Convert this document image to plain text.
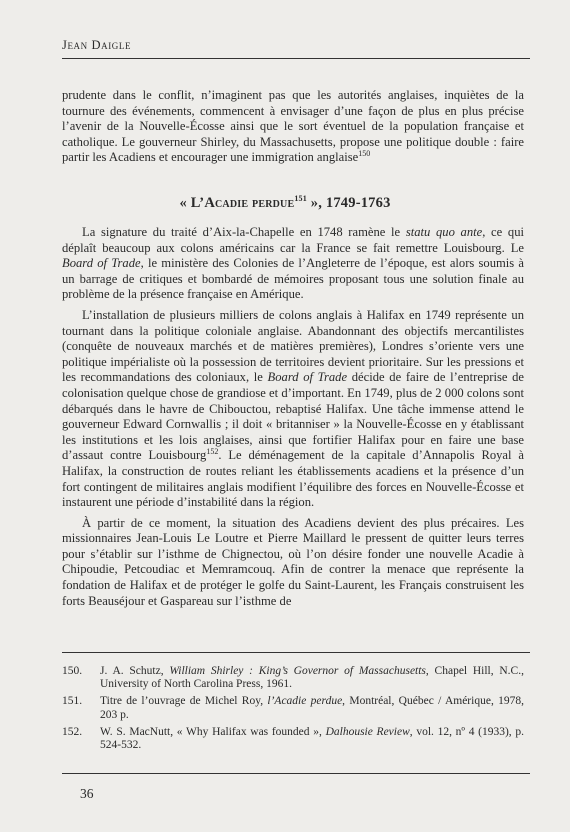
Jean Daigle

prudente dans le conflit, n’imaginent pas que les autorités anglaises, inquiètes de la tournure des événements, commencent à envisager d’une façon de plus en plus précise l’avenir de la Nouvelle-Écosse ainsi que le sort éventuel de la population française et catholique. Le gouverneur Shirley, du Massachusetts, propose une politique double : faire partir les Acadiens et encourager une immigration anglaise$^{150}$

« L’Acadie perdue$^{151}$ », 1749-1763

La signature du traité d’Aix-la-Chapelle en 1748 ramène le statu quo ante, ce qui déplaît beaucoup aux colons américains car la France se fait remettre Louisbourg. Le Board of Trade, le ministère des Colonies de l’Angleterre de l’époque, est alors soumis à un barrage de critiques et bombardé de mémoires proposant tous une solution finale au problème de la présence française en Amérique.

L’installation de plusieurs milliers de colons anglais à Halifax en 1749 représente un tournant dans la politique coloniale anglaise. Abandonnant des objectifs mercantilistes (conquête de nouveaux marchés et de matières premières), Londres s’oriente vers une politique impérialiste où la possession de territoires devient prioritaire. Sur les pressions et les recommandations des coloniaux, le Board of Trade décide de faire de l’entreprise de colonisation quelque chose de grandiose et d’important. En 1749, plus de 2 000 colons sont débarqués dans le havre de Chibouctou, rebaptisé Halifax. Une tâche immense attend le gouverneur Edward Cornwallis ; il doit « britanniser » la Nouvelle-Écosse en y établissant les institutions et les lois anglaises, ainsi que fortifier Halifax pour en faire une base d’assaut contre Louisbourg$^{152}$. Le déménagement de la capitale d’Annapolis Royal à Halifax, la construction de routes reliant les établissements acadiens et la présence d’un fort contingent de militaires anglais modifient l’équilibre des forces en Nouvelle-Écosse et instaurent une période d’instabilité dans la région.

À partir de ce moment, la situation des Acadiens devient des plus précaires. Les missionnaires Jean-Louis Le Loutre et Pierre Maillard le pressent de quitter leurs terres pour s’établir sur l’isthme de Chignectou, où l’on désire fonder une nouvelle Acadie à Chipoudie, Petcoudiac et Memramcouq. Afin de contrer la menace que représente la fondation de Halifax et de protéger le golfe du Saint-Laurent, les Français construisent les forts Beauséjour et Gaspareau sur l’isthme de

150.	J. A. Schutz, William Shirley : King’s Governor of Massachusetts, Chapel Hill, N.C., University of North Carolina Press, 1961.
151.	Titre de l’ouvrage de Michel Roy, l’Acadie perdue, Montréal, Québec / Amérique, 1978, 203 p.
152.	W. S. MacNutt, « Why Halifax was founded », Dalhousie Review, vol. 12, nº 4 (1933), p. 524-532.
36
